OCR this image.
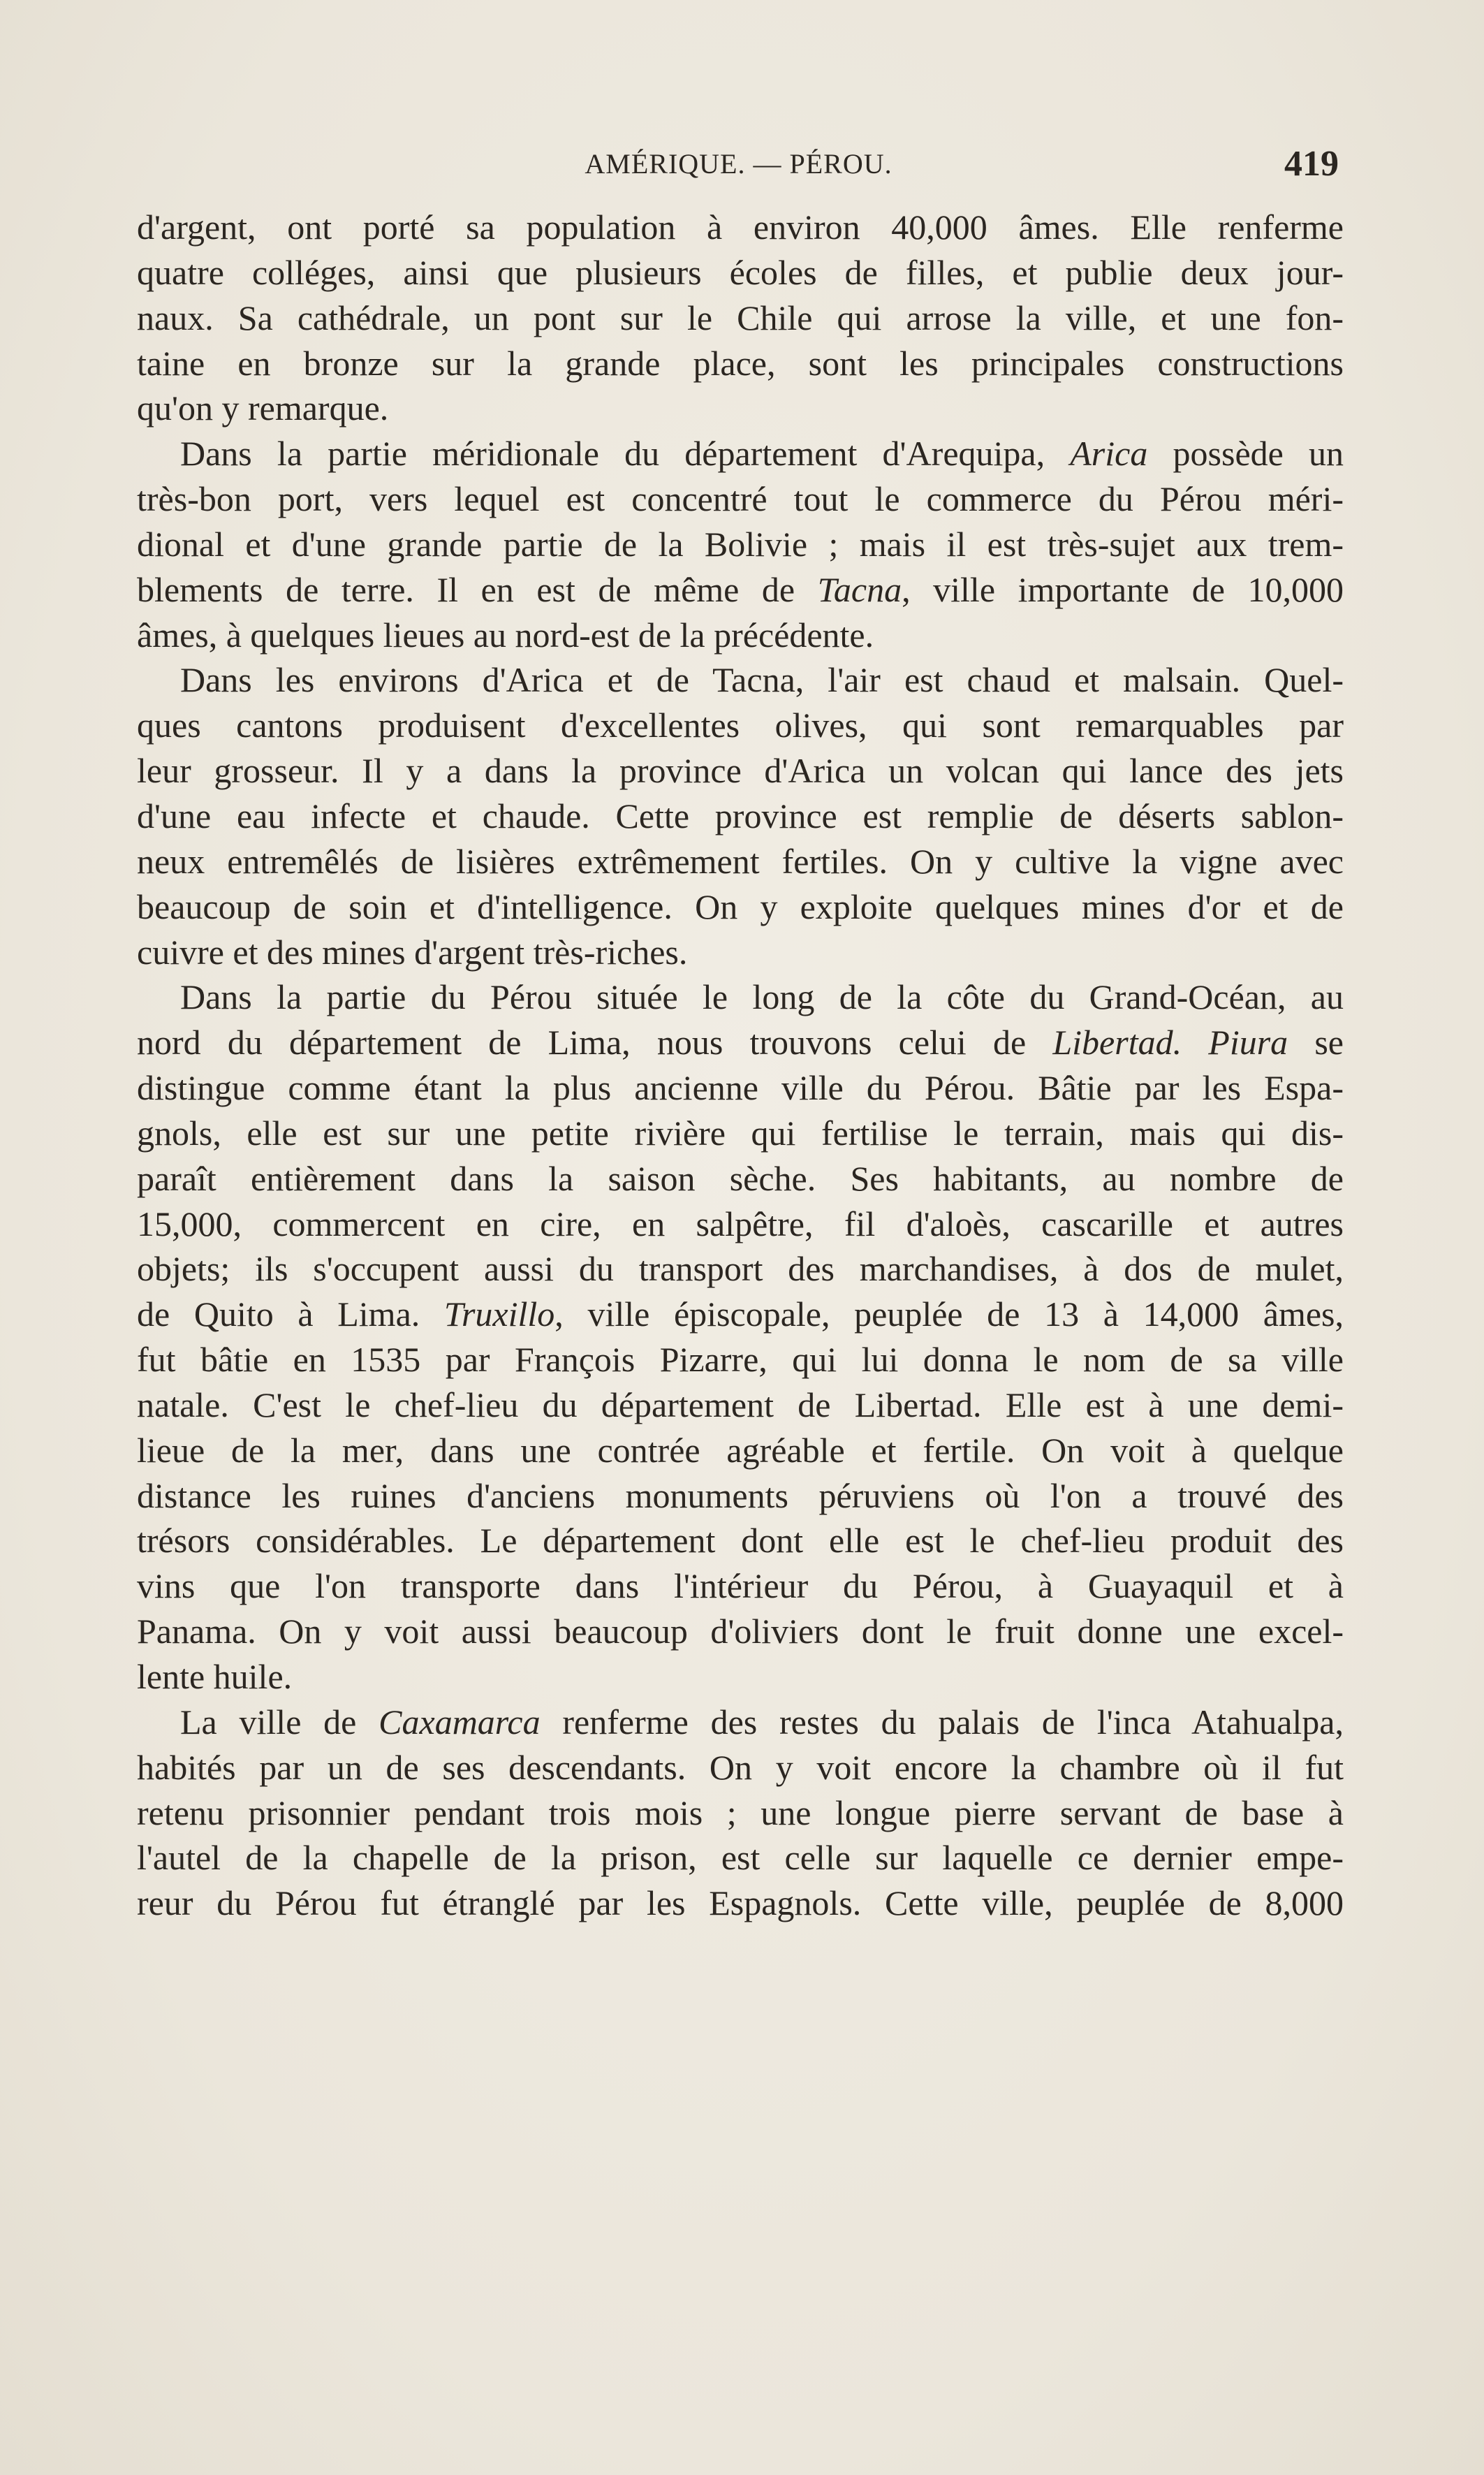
AMÉRIQUE. — PÉROU.	419
d'argent, ont porté sa population à environ 40,000 âmes. Elle renferme
quatre colléges, ainsi que plusieurs écoles de filles, et publie deux jour-
naux. Sa cathédrale, un pont sur le Chile qui arrose la ville, et une fon-
taine en bronze sur la grande place, sont les principales constructions
qu'on y remarque.
Dans la partie méridionale du département d'Arequipa, Arica possède un
très-bon port, vers lequel est concentré tout le commerce du Pérou méri-
dional et d'une grande partie de la Bolivie ; mais il est très-sujet aux trem-
blements de terre. Il en est de même de Tacna, ville importante de 10,000
âmes, à quelques lieues au nord-est de la précédente.
Dans les environs d'Arica et de Tacna, l'air est chaud et malsain. Quel-
ques cantons produisent d'excellentes olives, qui sont remarquables par
leur grosseur. Il y a dans la province d'Arica un volcan qui lance des jets
d'une eau infecte et chaude. Cette province est remplie de déserts sablon-
neux entremêlés de lisières extrêmement fertiles. On y cultive la vigne avec
beaucoup de soin et d'intelligence. On y exploite quelques mines d'or et de
cuivre et des mines d'argent très-riches.
Dans la partie du Pérou située le long de la côte du Grand-Océan, au
nord du département de Lima, nous trouvons celui de Libertad. Piura se
distingue comme étant la plus ancienne ville du Pérou. Bâtie par les Espa-
gnols, elle est sur une petite rivière qui fertilise le terrain, mais qui dis-
paraît entièrement dans la saison sèche. Ses habitants, au nombre de
15,000, commercent en cire, en salpêtre, fil d'aloès, cascarille et autres
objets; ils s'occupent aussi du transport des marchandises, à dos de mulet,
de Quito à Lima. Truxillo, ville épiscopale, peuplée de 13 à 14,000 âmes,
fut bâtie en 1535 par François Pizarre, qui lui donna le nom de sa ville
natale. C'est le chef-lieu du département de Libertad. Elle est à une demi-
lieue de la mer, dans une contrée agréable et fertile. On voit à quelque
distance les ruines d'anciens monuments péruviens où l'on a trouvé des
trésors considérables. Le département dont elle est le chef-lieu produit des
vins que l'on transporte dans l'intérieur du Pérou, à Guayaquil et à
Panama. On y voit aussi beaucoup d'oliviers dont le fruit donne une excel-
lente huile.
La ville de Caxamarca renferme des restes du palais de l'inca Atahualpa,
habités par un de ses descendants. On y voit encore la chambre où il fut
retenu prisonnier pendant trois mois ; une longue pierre servant de base à
l'autel de la chapelle de la prison, est celle sur laquelle ce dernier empe-
reur du Pérou fut étranglé par les Espagnols. Cette ville, peuplée de 8,000
